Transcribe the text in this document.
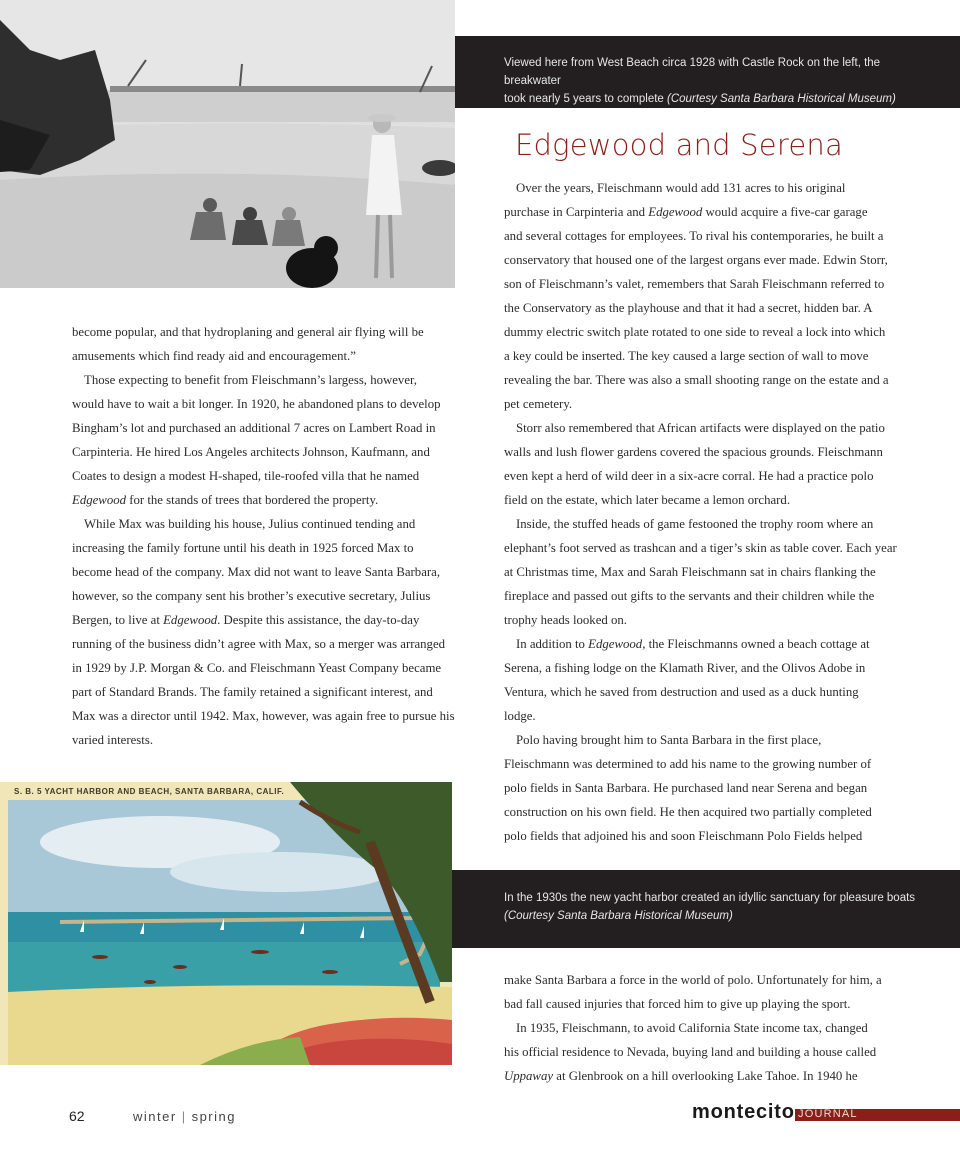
Viewed here from West Beach circa 1928 with Castle Rock on the left, the breakwater
took nearly 5 years to complete (Courtesy Santa Barbara Historical Museum)
Edgewood and Serena

become popular, and that hydroplaning and general air flying will be

amusements which find ready aid and encouragement.”

Those expecting to benefit from Fleischmann’s largess, however,

would have to wait a bit longer. In 1920, he abandoned plans to develop

Bingham’s lot and purchased an additional 7 acres on Lambert Road in

Carpinteria. He hired Los Angeles architects Johnson, Kaufmann, and

Coates to design a modest H-shaped, tile-roofed villa that he named

Edgewood for the stands of trees that bordered the property.

While Max was building his house, Julius continued tending and

increasing the family fortune until his death in 1925 forced Max to

become head of the company. Max did not want to leave Santa Barbara,

however, so the company sent his brother’s executive secretary, Julius

Bergen, to live at Edgewood. Despite this assistance, the day-to-day

running of the business didn’t agree with Max, so a merger was arranged

in 1929 by J.P. Morgan & Co. and Fleischmann Yeast Company became

part of Standard Brands. The family retained a significant interest, and

Max was a director until 1942. Max, however, was again free to pursue his

varied interests.

Over the years, Fleischmann would add 131 acres to his original

purchase in Carpinteria and Edgewood would acquire a five-car garage

and several cottages for employees. To rival his contemporaries, he built a

conservatory that housed one of the largest organs ever made. Edwin Storr,

son of Fleischmann’s valet, remembers that Sarah Fleischmann referred to

the Conservatory as the playhouse and that it had a secret, hidden bar. A

dummy electric switch plate rotated to one side to reveal a lock into which

a key could be inserted. The key caused a large section of wall to move

revealing the bar. There was also a small shooting range on the estate and a

pet cemetery.

Storr also remembered that African artifacts were displayed on the patio

walls and lush flower gardens covered the spacious grounds. Fleischmann

even kept a herd of wild deer in a six-acre corral. He had a practice polo

field on the estate, which later became a lemon orchard.

Inside, the stuffed heads of game festooned the trophy room where an

elephant’s foot served as trashcan and a tiger’s skin as table cover. Each year

at Christmas time, Max and Sarah Fleischmann sat in chairs flanking the

fireplace and passed out gifts to the servants and their children while the

trophy heads looked on.

In addition to Edgewood, the Fleischmanns owned a beach cottage at

Serena, a fishing lodge on the Klamath River, and the Olivos Adobe in

Ventura, which he saved from destruction and used as a duck hunting

lodge.

Polo having brought him to Santa Barbara in the first place,

Fleischmann was determined to add his name to the growing number of

polo fields in Santa Barbara. He purchased land near Serena and began

construction on his own field. He then acquired two partially completed

polo fields that adjoined his and soon Fleischmann Polo Fields helped

S. B. 5 YACHT HARBOR AND BEACH, SANTA BARBARA, CALIF.
In the 1930s the new yacht harbor created an idyllic sanctuary for pleasure boats
(Courtesy Santa Barbara Historical Museum)

make Santa Barbara a force in the world of polo. Unfortunately for him, a

bad fall caused injuries that forced him to give up playing the sport.

In 1935, Fleischmann, to avoid California State income tax, changed

his official residence to Nevada, buying land and building a house called

Uppaway at Glenbrook on a hill overlooking Lake Tahoe. In 1940 he

62	winter | spring	montecito JOURNAL
